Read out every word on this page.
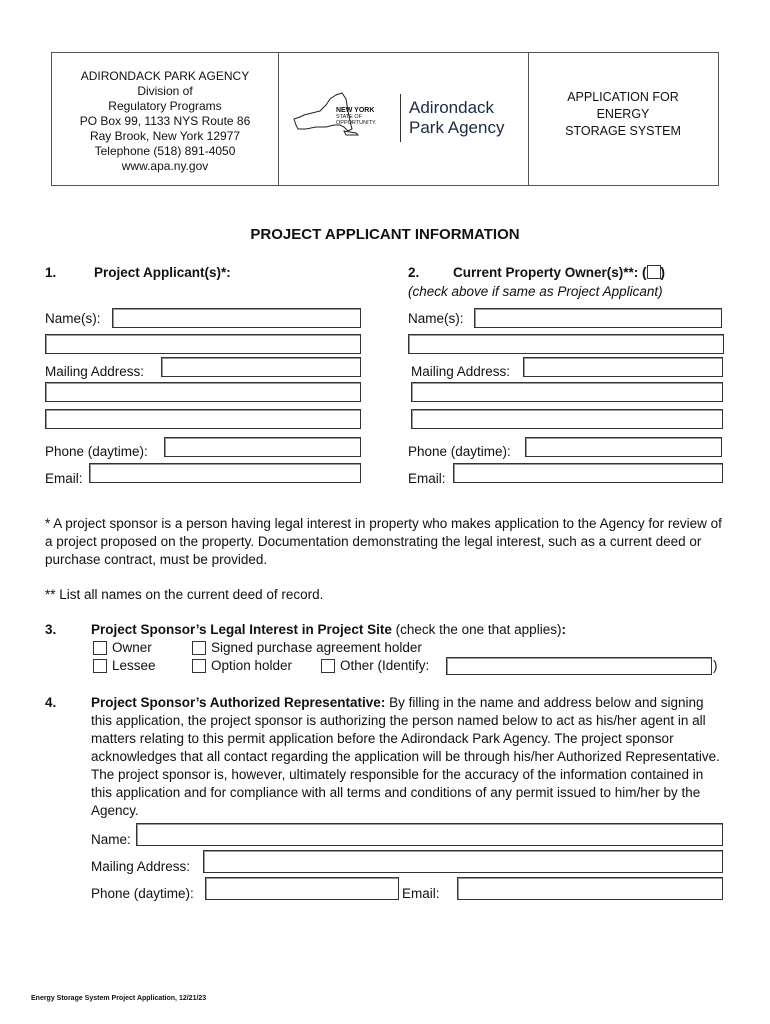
ADIRONDACK PARK AGENCY
Division of
Regulatory Programs
PO Box 99, 1133 NYS Route 86
Ray Brook, New York 12977
Telephone (518) 891-4050
www.apa.ny.gov
NEW YORK
STATE OF
OPPORTUNITY.
Adirondack
Park Agency
APPLICATION FOR
ENERGY
STORAGE SYSTEM
PROJECT APPLICANT INFORMATION
1.	Project Applicant(s)*:
Name(s):
Mailing Address:
Phone (daytime):
Email:
2. Current Property Owner(s)**: ( )
(check above if same as Project Applicant)
Name(s):
Mailing Address:
Phone (daytime):
Email:
* A project sponsor is a person having legal interest in property who makes application to the Agency for review of a project proposed on the property. Documentation demonstrating the legal interest, such as a current deed or purchase contract, must be provided.
** List all names on the current deed of record.
3.	Project Sponsor’s Legal Interest in Project Site (check the one that applies):
Owner	Signed purchase agreement holder
Lessee	Option holder	Other (Identify:	)
4.	Project Sponsor’s Authorized Representative: By filling in the name and address below and signing this application, the project sponsor is authorizing the person named below to act as his/her agent in all matters relating to this permit application before the Adirondack Park Agency. The project sponsor acknowledges that all contact regarding the application will be through his/her Authorized Representative. The project sponsor is, however, ultimately responsible for the accuracy of the information contained in this application and for compliance with all terms and conditions of any permit issued to him/her by the Agency.
Name:
Mailing Address:
Phone (daytime):	Email:
Energy Storage System Project Application, 12/21/23
